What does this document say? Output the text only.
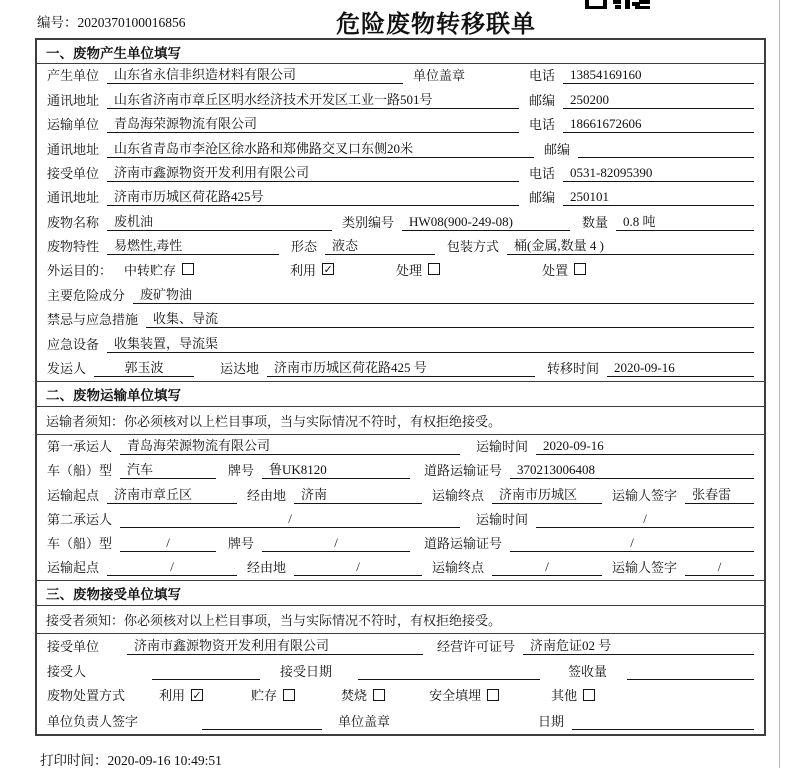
编号：2020370100016856	危险废物转移联单
一、废物产生单位填写
产生单位	山东省永信非织造材料有限公司	单位盖章	电话	13854169160
通讯地址	山东省济南市章丘区明水经济技术开发区工业一路501号	邮编	250200
运输单位	青岛海荣源物流有限公司	电话	18661672606
通讯地址	山东省青岛市李沧区徐水路和郑佛路交叉口东侧20米	邮编
接受单位	济南市鑫源物资开发利用有限公司	电话	0531-82095390
通讯地址	济南市历城区荷花路425号	邮编	250101
废物名称	废机油	类别编号	HW08(900-249-08)	数量	0.8 吨
废物特性	易燃性,毒性	形态	液态	包装方式	桶(金属,数量 4 )
外运目的： 中转贮存	利用 ✓	处理	处置
主要危险成分	废矿物油
禁忌与应急措施	收集、导流
应急设备	收集装置，导流渠
发运人	郭玉波	运达地	济南市历城区荷花路425 号	转移时间	2020-09-16
二、废物运输单位填写
运输者须知：你必须核对以上栏目事项，当与实际情况不符时，有权拒绝接受。
第一承运人	青岛海荣源物流有限公司	运输时间	2020-09-16
车（船）型	汽车	牌号	鲁UK8120	道路运输证号	370213006408
运输起点	济南市章丘区	经由地	济南	运输终点	济南市历城区	运输人签字	张春雷
第二承运人	/	运输时间	/
车（船）型	/	牌号	/	道路运输证号	/
运输起点	/	经由地	/	运输终点	/	运输人签字	/
三、废物接受单位填写
接受者须知：你必须核对以上栏目事项，当与实际情况不符时，有权拒绝接受。
接受单位	济南市鑫源物资开发利用有限公司	经营许可证号	济南危证02 号
接受人	接受日期	签收量
废物处置方式	利用 ✓	贮存	焚烧	安全填埋	其他
单位负责人签字	单位盖章	日期
打印时间：2020-09-16 10:49:51
